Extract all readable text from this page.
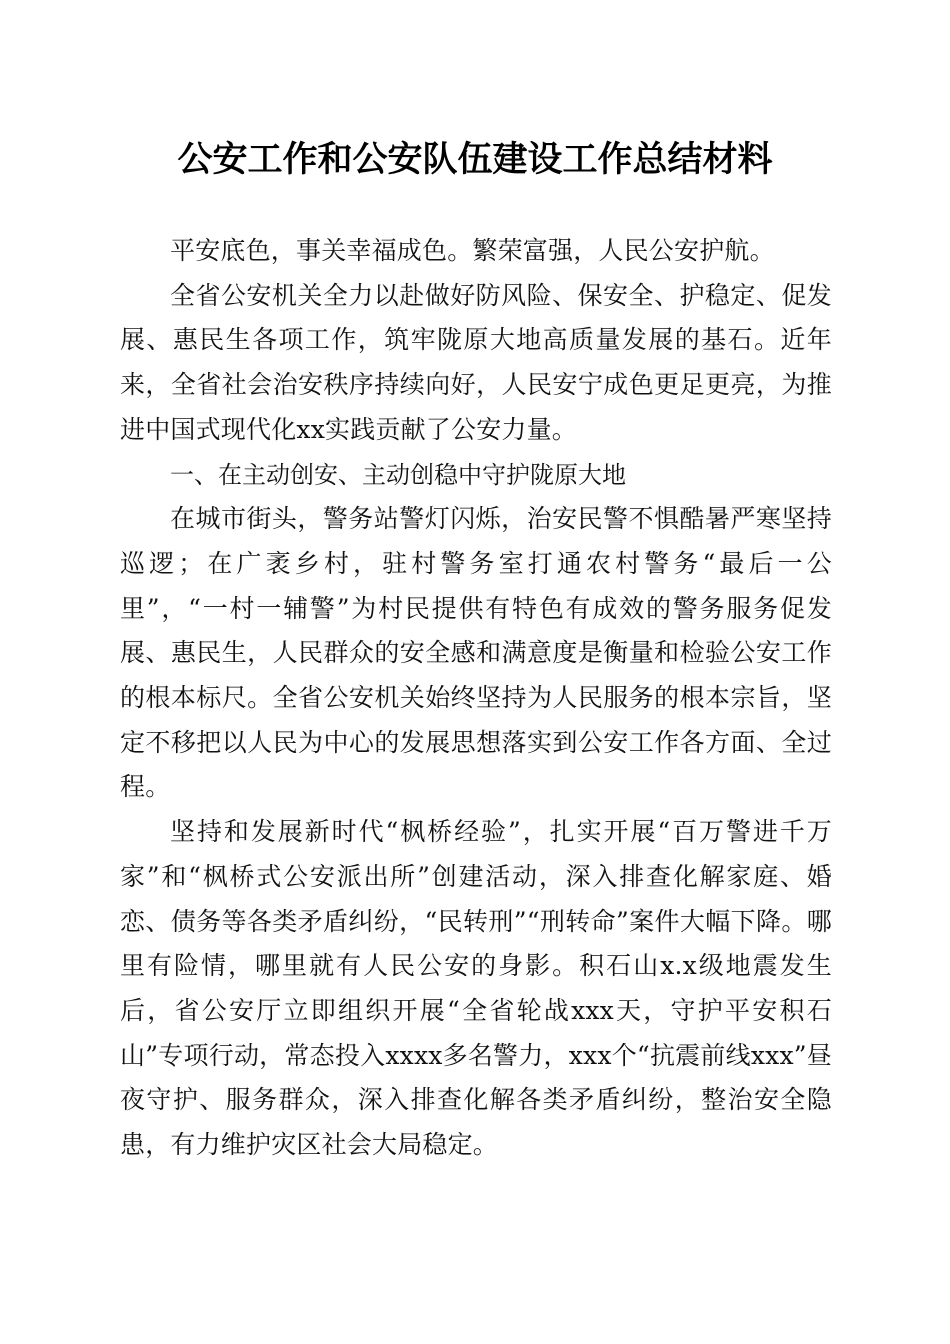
公安工作和公安队伍建设工作总结材料

平安底色，事关幸福成色。繁荣富强，人民公安护航。

全省公安机关全力以赴做好防风险、保安全、护稳定、促发展、惠民生各项工作，筑牢陇原大地高质量发展的基石。近年来，全省社会治安秩序持续向好，人民安宁成色更足更亮，为推进中国式现代化xx实践贡献了公安力量。

一、在主动创安、主动创稳中守护陇原大地

在城市街头，警务站警灯闪烁，治安民警不惧酷暑严寒坚持巡逻；在广袤乡村，驻村警务室打通农村警务“最后一公里”，“一村一辅警”为村民提供有特色有成效的警务服务促发展、惠民生，人民群众的安全感和满意度是衡量和检验公安工作的根本标尺。全省公安机关始终坚持为人民服务的根本宗旨，坚定不移把以人民为中心的发展思想落实到公安工作各方面、全过程。

坚持和发展新时代“枫桥经验”，扎实开展“百万警进千万家”和“枫桥式公安派出所”创建活动，深入排查化解家庭、婚恋、债务等各类矛盾纠纷，“民转刑”“刑转命”案件大幅下降。哪里有险情，哪里就有人民公安的身影。积石山x.x级地震发生后，省公安厅立即组织开展“全省轮战xxx天，守护平安积石山”专项行动，常态投入xxxx多名警力，xxx个“抗震前线xxx”昼夜守护、服务群众，深入排查化解各类矛盾纠纷，整治安全隐患，有力维护灾区社会大局稳定。
